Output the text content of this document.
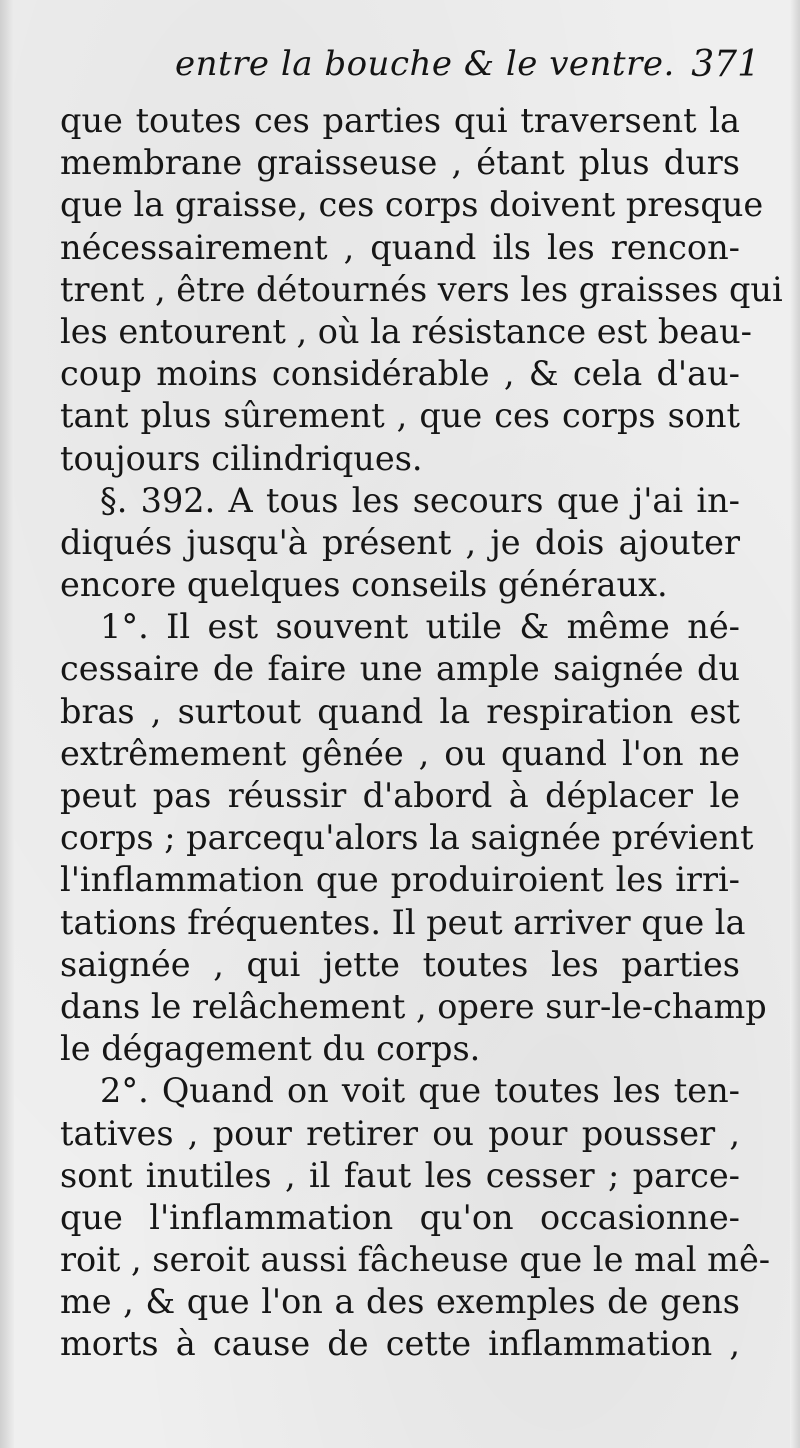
entre la bouche & le ventre. 371
que toutes ces parties qui traversent la
membrane graisseuse , étant plus durs
que la graisse, ces corps doivent presque
nécessairement , quand ils les rencon-
trent , être détournés vers les graisses qui
les entourent , où la résistance est beau-
coup moins considérable , & cela d'au-
tant plus sûrement , que ces corps sont
toujours cilindriques.
§. 392. A tous les secours que j'ai in-
diqués jusqu'à présent , je dois ajouter
encore quelques conseils généraux.
1°. Il est souvent utile & même né-
cessaire de faire une ample saignée du
bras , surtout quand la respiration est
extrêmement gênée , ou quand l'on ne
peut pas réussir d'abord à déplacer le
corps ; parcequ'alors la saignée prévient
l'inflammation que produiroient les irri-
tations fréquentes. Il peut arriver que la
saignée , qui jette toutes les parties
dans le relâchement , opere sur-le-champ
le dégagement du corps.
2°. Quand on voit que toutes les ten-
tatives , pour retirer ou pour pousser ,
sont inutiles , il faut les cesser ; parce-
que l'inflammation qu'on occasionne-
roit , seroit aussi fâcheuse que le mal mê-
me , & que l'on a des exemples de gens
morts à cause de cette inflammation ,
